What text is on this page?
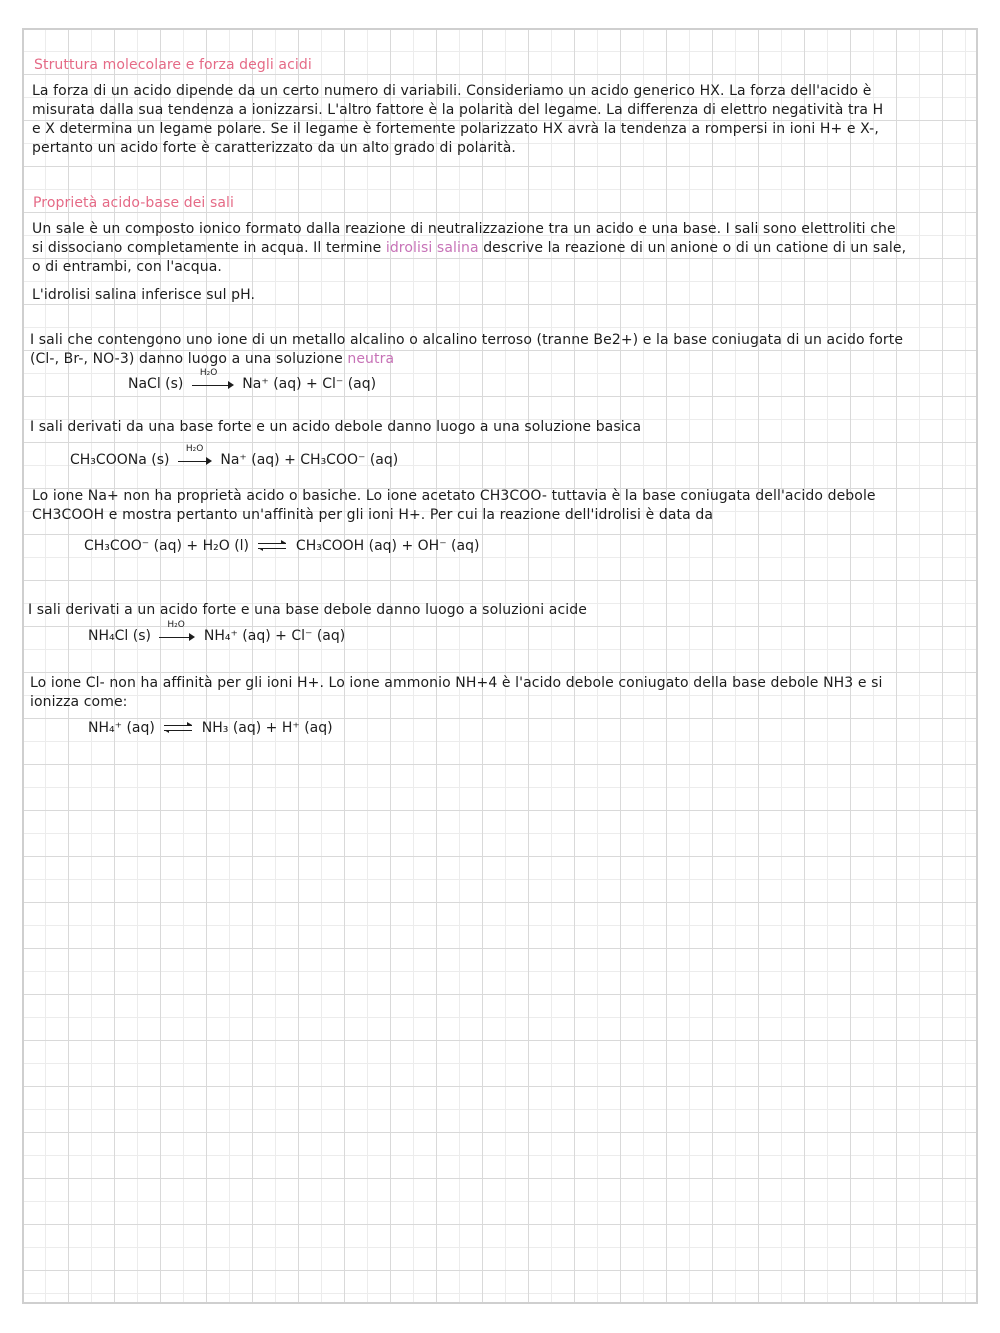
Struttura molecolare e forza degli acidi
La forza di un acido dipende da un certo numero di variabili. Consideriamo un acido generico HX. La forza dell'acido è
misurata dalla sua tendenza a ionizzarsi. L'altro fattore è la polarità del legame. La differenza di elettro negatività tra H
e X determina un legame polare. Se il legame è fortemente polarizzato HX avrà la tendenza a rompersi in ioni H+ e X-,
pertanto un acido forte è caratterizzato da un alto grado di polarità.
Proprietà acido-base dei sali
Un sale è un composto ionico formato dalla reazione di neutralizzazione tra un acido e una base. I sali sono elettroliti che
si dissociano completamente in acqua. Il termine idrolisi salina descrive la reazione di un anione o di un catione di un sale,
o di entrambi, con l'acqua.
L'idrolisi salina inferisce sul pH.
I sali che contengono uno ione di un metallo alcalino o alcalino terroso (tranne Be2+) e la base coniugata di un acido forte
(Cl-, Br-, NO-3) danno luogo a una soluzione neutra
NaCl (s)
H₂O
Na⁺ (aq) + Cl⁻ (aq)
I sali derivati da una base forte e un acido debole danno luogo a una soluzione basica
CH₃COONa (s)
H₂O
Na⁺ (aq) + CH₃COO⁻ (aq)
Lo ione Na+ non ha proprietà acido o basiche. Lo ione acetato CH3COO- tuttavia è la base coniugata dell'acido debole
CH3COOH e mostra pertanto un'affinità per gli ioni H+. Per cui la reazione dell'idrolisi è data da
CH₃COO⁻ (aq) + H₂O (l) ⇌ CH₃COOH (aq) + OH⁻ (aq)
I sali derivati a un acido forte e una base debole danno luogo a soluzioni acide
NH₄Cl (s)
H₂O
NH₄⁺ (aq) + Cl⁻ (aq)
Lo ione Cl- non ha affinità per gli ioni H+. Lo ione ammonio NH+4 è l'acido debole coniugato della base debole NH3 e si
ionizza come:
NH₄⁺ (aq) ⇌ NH₃ (aq) + H⁺ (aq)
